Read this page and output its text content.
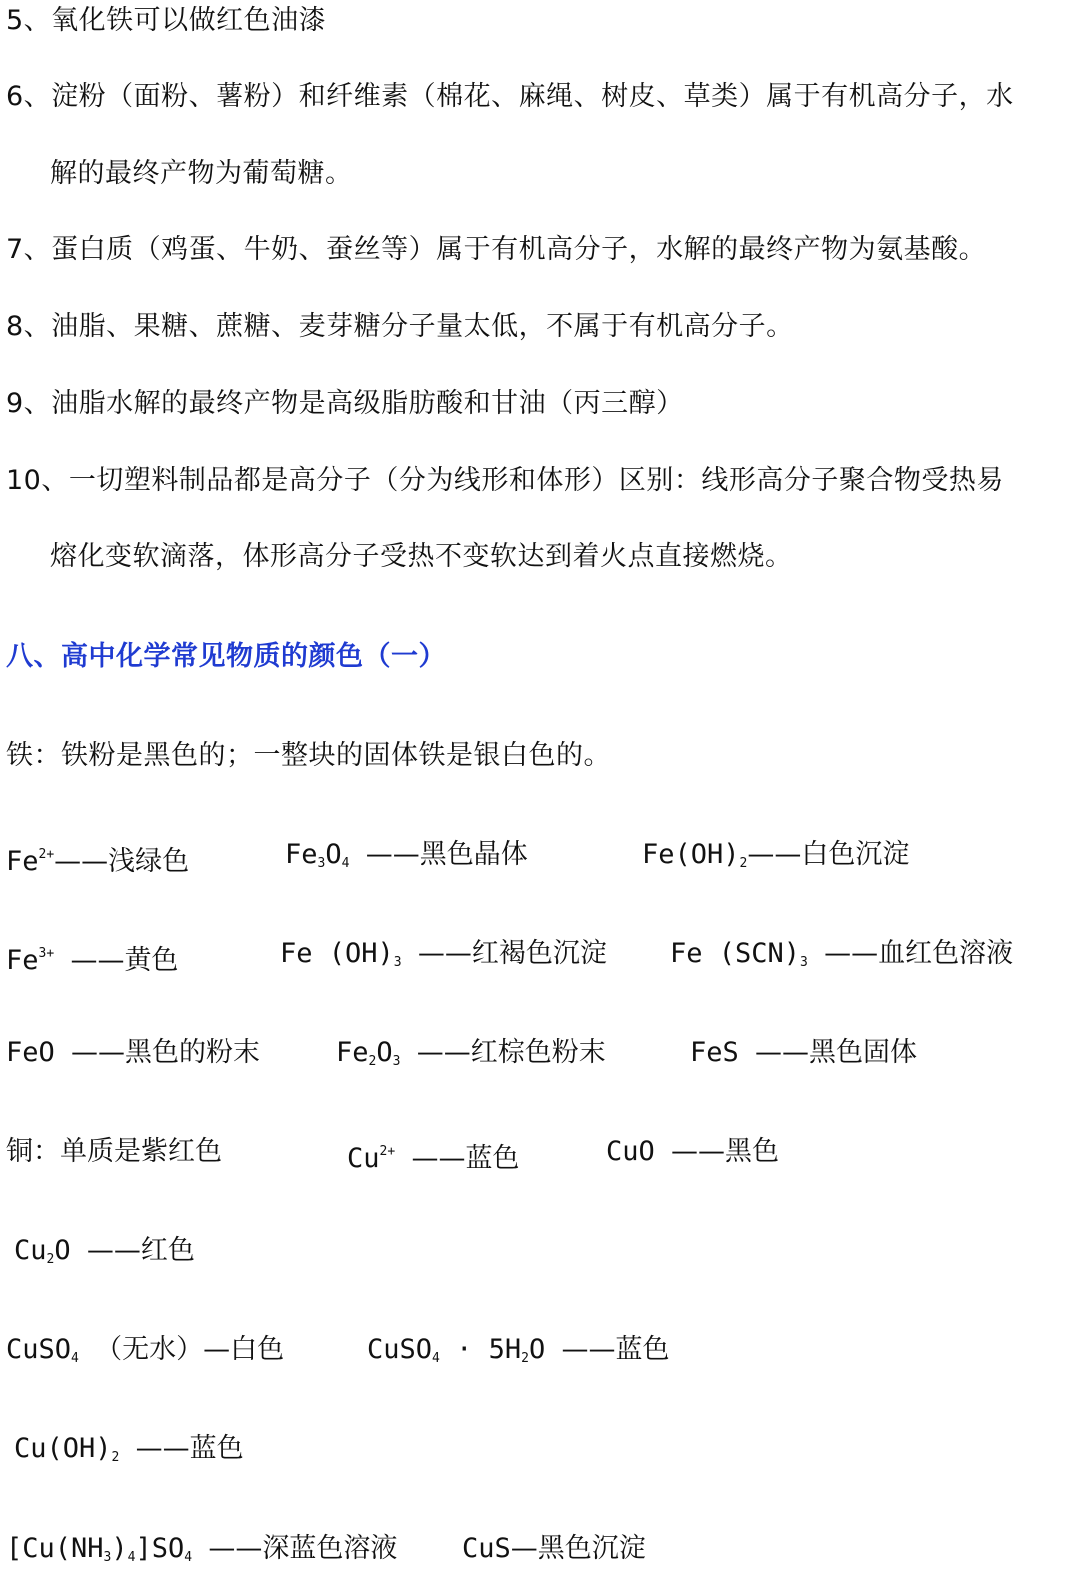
5、氧化铁可以做红色油漆
6、淀粉（面粉、薯粉）和纤维素（棉花、麻绳、树皮、草类）属于有机高分子，水
解的最终产物为葡萄糖。
7、蛋白质（鸡蛋、牛奶、蚕丝等）属于有机高分子，水解的最终产物为氨基酸。
8、油脂、果糖、蔗糖、麦芽糖分子量太低，不属于有机高分子。
9、油脂水解的最终产物是高级脂肪酸和甘油（丙三醇）
10、一切塑料制品都是高分子（分为线形和体形）区别：线形高分子聚合物受热易
熔化变软滴落，体形高分子受热不变软达到着火点直接燃烧。
八、高中化学常见物质的颜色（一）
铁：铁粉是黑色的；一整块的固体铁是银白色的。
$Fe^{2+}——$浅绿色	$Fe_3O_4$ ——黑色晶体	$Fe(OH)_2——$白色沉淀
$Fe^{3+}$ ——黄色	Fe $(OH)_3$ ——红褐色沉淀 Fe $(SCN)_3$ ——血红色溶液
FeO ——黑色的粉末	$Fe_2O_3$ ——红棕色粉末	FeS ——黑色固体
铜：单质是紫红色	$Cu^{2+}$ ——蓝色	CuO ——黑色
$Cu_2O$ ——红色
CuSO$_4$ （无水）—白色	CuSO$_4$ · $5H_2O$ ——蓝色
$Cu(OH)_2$ ——蓝色
$[Cu(NH_3)_4]SO_4$ ——深蓝色溶液 CuS—黑色沉淀
